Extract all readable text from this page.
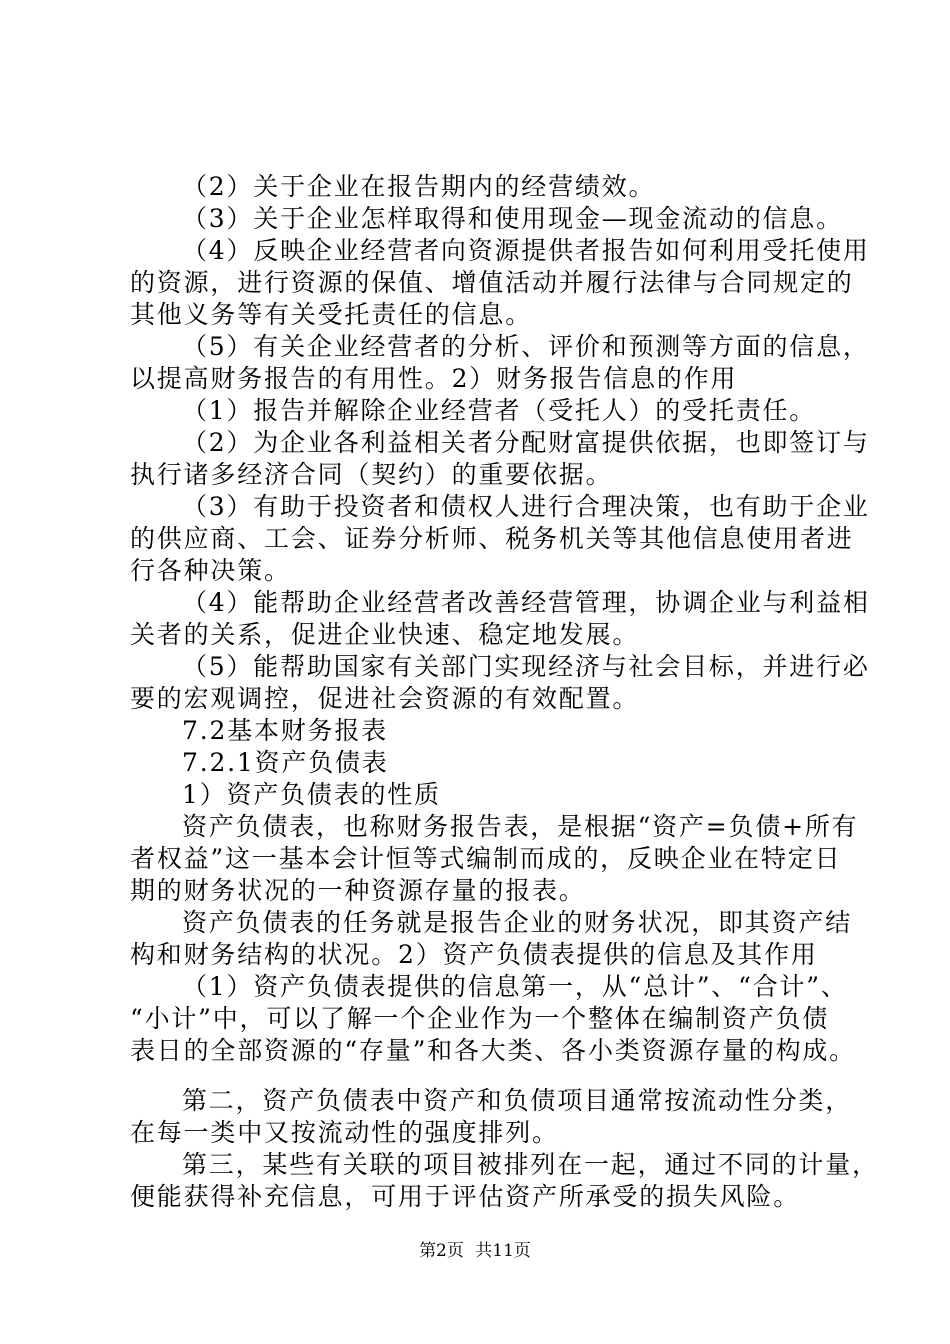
（2）关于企业在报告期内的经营绩效。

（3）关于企业怎样取得和使用现金—现金流动的信息。

（4）反映企业经营者向资源提供者报告如何利用受托使用

的资源，进行资源的保值、增值活动并履行法律与合同规定的

其他义务等有关受托责任的信息。

（5）有关企业经营者的分析、评价和预测等方面的信息，

以提高财务报告的有用性。2）财务报告信息的作用

（1）报告并解除企业经营者（受托人）的受托责任。

（2）为企业各利益相关者分配财富提供依据，也即签订与

执行诸多经济合同（契约）的重要依据。

（3）有助于投资者和债权人进行合理决策，也有助于企业

的供应商、工会、证券分析师、税务机关等其他信息使用者进

行各种决策。

（4）能帮助企业经营者改善经营管理，协调企业与利益相

关者的关系，促进企业快速、稳定地发展。

（5）能帮助国家有关部门实现经济与社会目标，并进行必

要的宏观调控，促进社会资源的有效配置。

7.2基本财务报表

7.2.1资产负债表

1）资产负债表的性质

资产负债表，也称财务报告表，是根据“资产=负债+所有

者权益”这一基本会计恒等式编制而成的，反映企业在特定日

期的财务状况的一种资源存量的报表。

资产负债表的任务就是报告企业的财务状况，即其资产结

构和财务结构的状况。2）资产负债表提供的信息及其作用

（1）资产负债表提供的信息第一，从“总计”、“合计”、

“小计”中，可以了解一个企业作为一个整体在编制资产负债

表日的全部资源的“存量”和各大类、各小类资源存量的构成。

第二，资产负债表中资产和负债项目通常按流动性分类，

在每一类中又按流动性的强度排列。

第三，某些有关联的项目被排列在一起，通过不同的计量，

便能获得补充信息，可用于评估资产所承受的损失风险。

第2页 共11页
